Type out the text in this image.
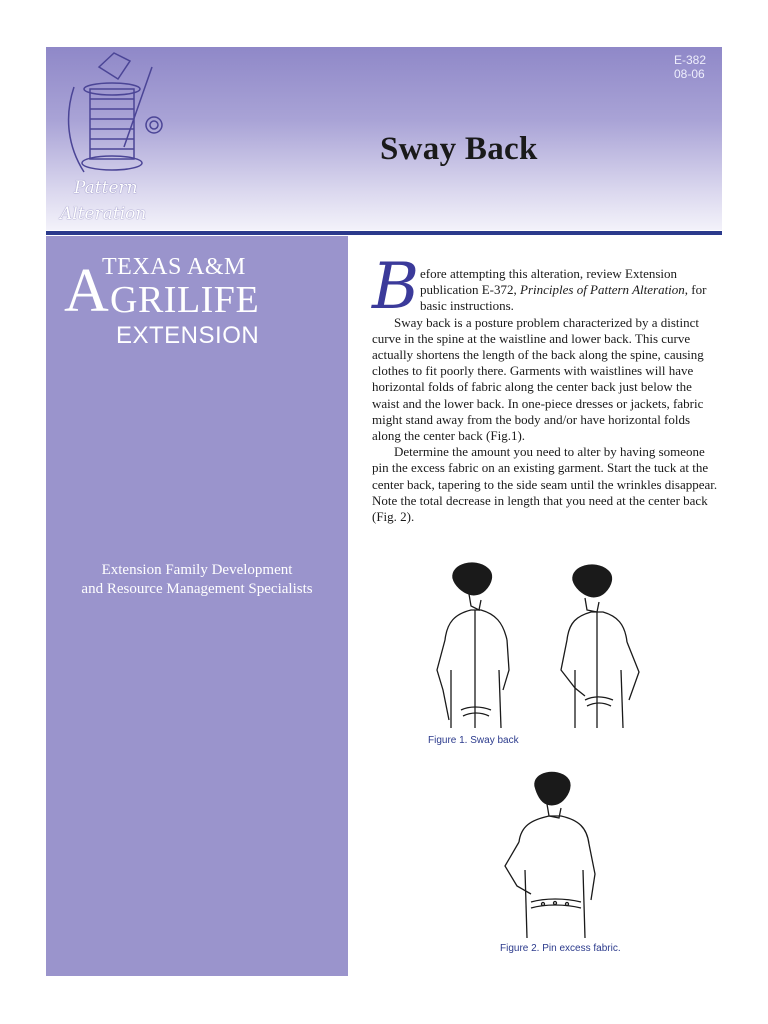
Pattern
Alteration
E-382
08-06
Sway Back
A
TEXAS A&M
GRILIFE
EXTENSION
Extension Family Development
and Resource Management Specialists
B efore attempting this alteration, review Extension publication E-372, Principles of Pattern Alteration, for basic instructions.

Sway back is a posture problem characterized by a distinct curve in the spine at the waistline and lower back. This curve actually shortens the length of the back along the spine, causing clothes to fit poorly there. Garments with waistlines will have horizontal folds of fabric along the center back just below the waist and the lower back. In one-piece dresses or jackets, fabric might stand away from the body and/or have horizontal folds along the center back (Fig.1).

Determine the amount you need to alter by having someone pin the excess fabric on an existing garment. Start the tuck at the center back, tapering to the side seam until the wrinkles disappear. Note the total decrease in length that you need at the center back (Fig. 2).

Figure 1. Sway back
Figure 2. Pin excess fabric.
